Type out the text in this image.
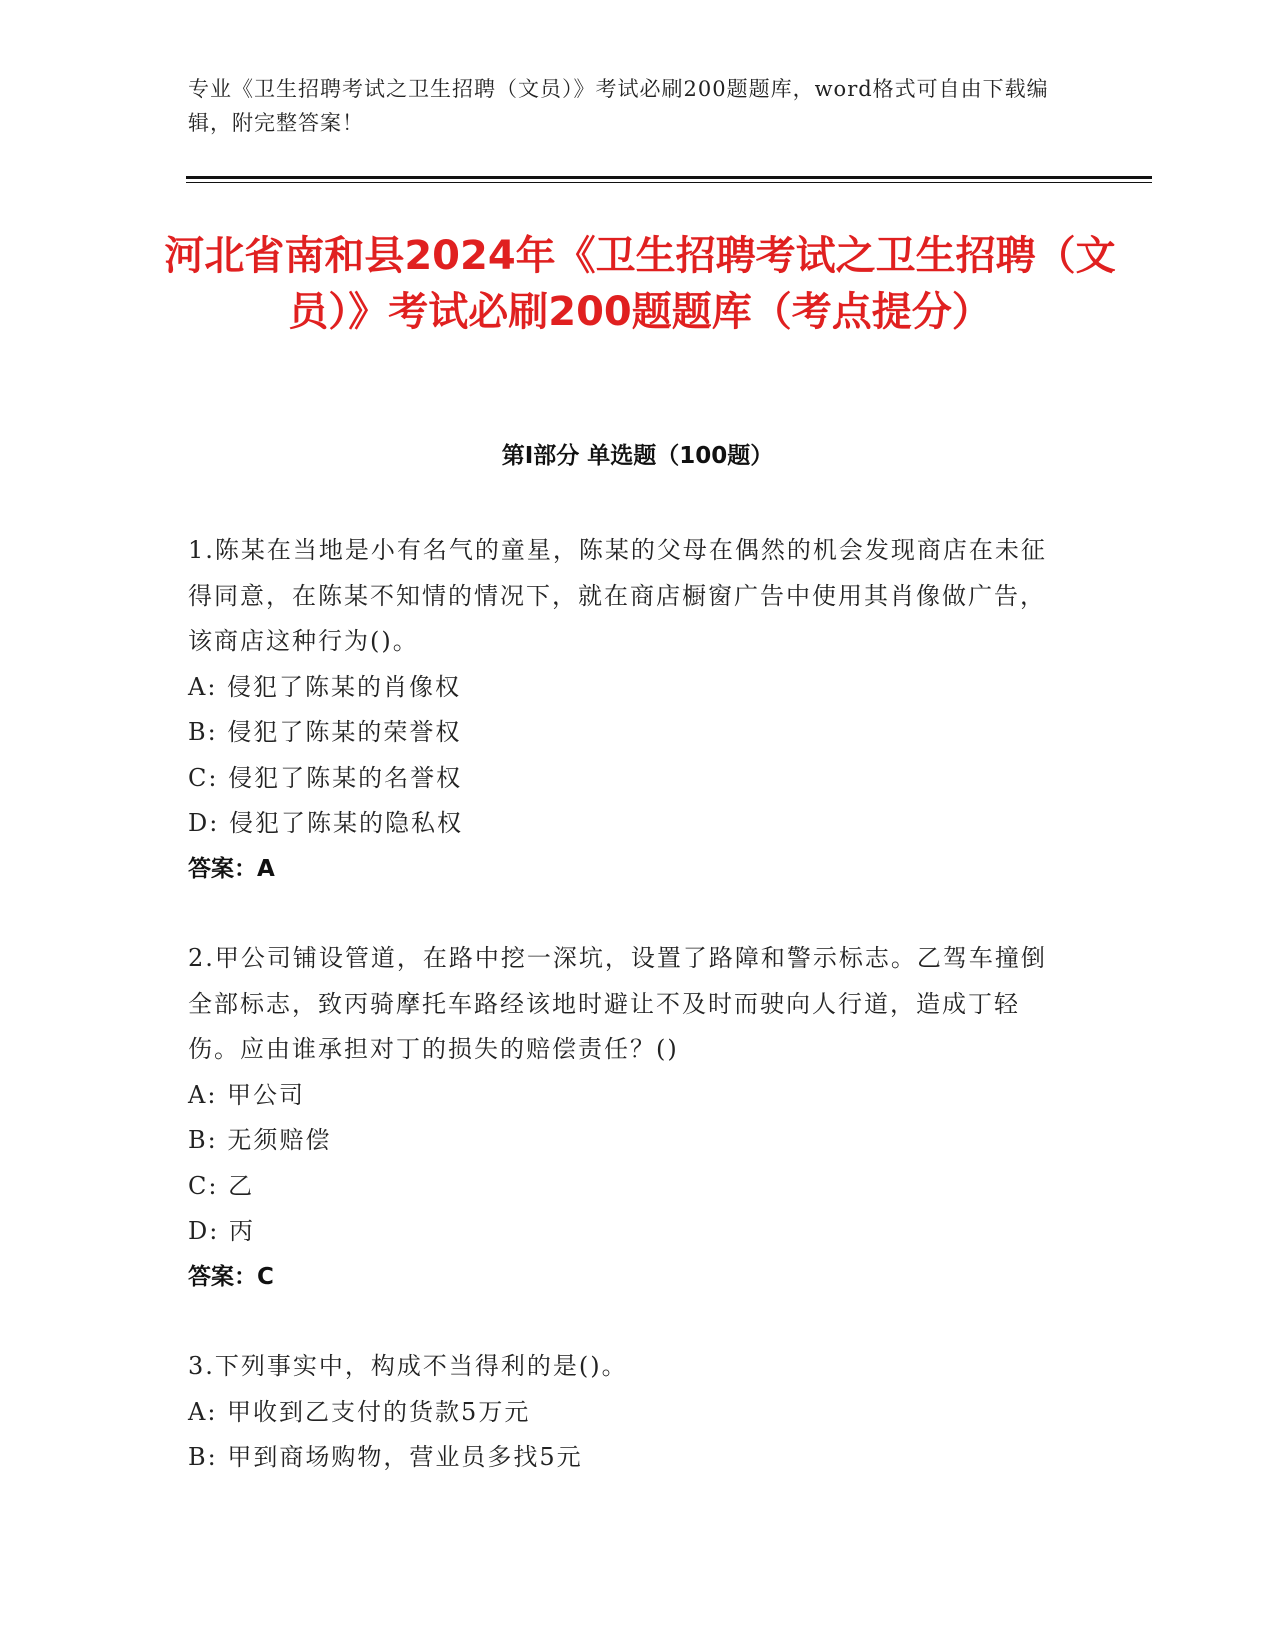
专业《卫生招聘考试之卫生招聘（文员）》考试必刷200题题库，word格式可自由下载编辑，附完整答案！
河北省南和县2024年《卫生招聘考试之卫生招聘（文员）》考试必刷200题题库（考点提分）
第Ⅰ部分 单选题（100题）
1.陈某在当地是小有名气的童星，陈某的父母在偶然的机会发现商店在未征得同意，在陈某不知情的情况下，就在商店橱窗广告中使用其肖像做广告，该商店这种行为()。
A: 侵犯了陈某的肖像权
B: 侵犯了陈某的荣誉权
C: 侵犯了陈某的名誉权
D: 侵犯了陈某的隐私权
答案：A
2.甲公司铺设管道，在路中挖一深坑，设置了路障和警示标志。乙驾车撞倒全部标志，致丙骑摩托车路经该地时避让不及时而驶向人行道，造成丁轻伤。应由谁承担对丁的损失的赔偿责任？()
A: 甲公司
B: 无须赔偿
C: 乙
D: 丙
答案：C
3.下列事实中，构成不当得利的是()。
A: 甲收到乙支付的货款5万元
B: 甲到商场购物，营业员多找5元
